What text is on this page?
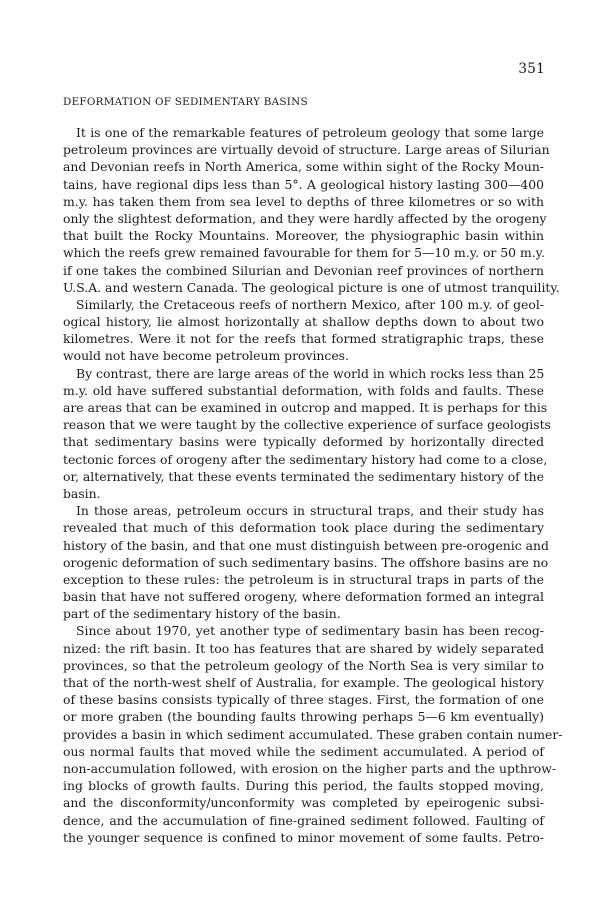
351
DEFORMATION OF SEDIMENTARY BASINS
It is one of the remarkable features of petroleum geology that some large
petroleum provinces are virtually devoid of structure. Large areas of Silurian
and Devonian reefs in North America, some within sight of the Rocky Moun-
tains, have regional dips less than 5°. A geological history lasting 300—400
m.y. has taken them from sea level to depths of three kilometres or so with
only the slightest deformation, and they were hardly affected by the orogeny
that built the Rocky Mountains. Moreover, the physiographic basin within
which the reefs grew remained favourable for them for 5—10 m.y. or 50 m.y.
if one takes the combined Silurian and Devonian reef provinces of northern
U.S.A. and western Canada. The geological picture is one of utmost tranquility.
Similarly, the Cretaceous reefs of northern Mexico, after 100 m.y. of geol-
ogical history, lie almost horizontally at shallow depths down to about two
kilometres. Were it not for the reefs that formed stratigraphic traps, these
would not have become petroleum provinces.
By contrast, there are large areas of the world in which rocks less than 25
m.y. old have suffered substantial deformation, with folds and faults. These
are areas that can be examined in outcrop and mapped. It is perhaps for this
reason that we were taught by the collective experience of surface geologists
that sedimentary basins were typically deformed by horizontally directed
tectonic forces of orogeny after the sedimentary history had come to a close,
or, alternatively, that these events terminated the sedimentary history of the
basin.
In those areas, petroleum occurs in structural traps, and their study has
revealed that much of this deformation took place during the sedimentary
history of the basin, and that one must distinguish between pre-orogenic and
orogenic deformation of such sedimentary basins. The offshore basins are no
exception to these rules: the petroleum is in structural traps in parts of the
basin that have not suffered orogeny, where deformation formed an integral
part of the sedimentary history of the basin.
Since about 1970, yet another type of sedimentary basin has been recog-
nized: the rift basin. It too has features that are shared by widely separated
provinces, so that the petroleum geology of the North Sea is very similar to
that of the north-west shelf of Australia, for example. The geological history
of these basins consists typically of three stages. First, the formation of one
or more graben (the bounding faults throwing perhaps 5—6 km eventually)
provides a basin in which sediment accumulated. These graben contain numer-
ous normal faults that moved while the sediment accumulated. A period of
non-accumulation followed, with erosion on the higher parts and the upthrow-
ing blocks of growth faults. During this period, the faults stopped moving,
and the disconformity/unconformity was completed by epeirogenic subsi-
dence, and the accumulation of fine-grained sediment followed. Faulting of
the younger sequence is confined to minor movement of some faults. Petro-
